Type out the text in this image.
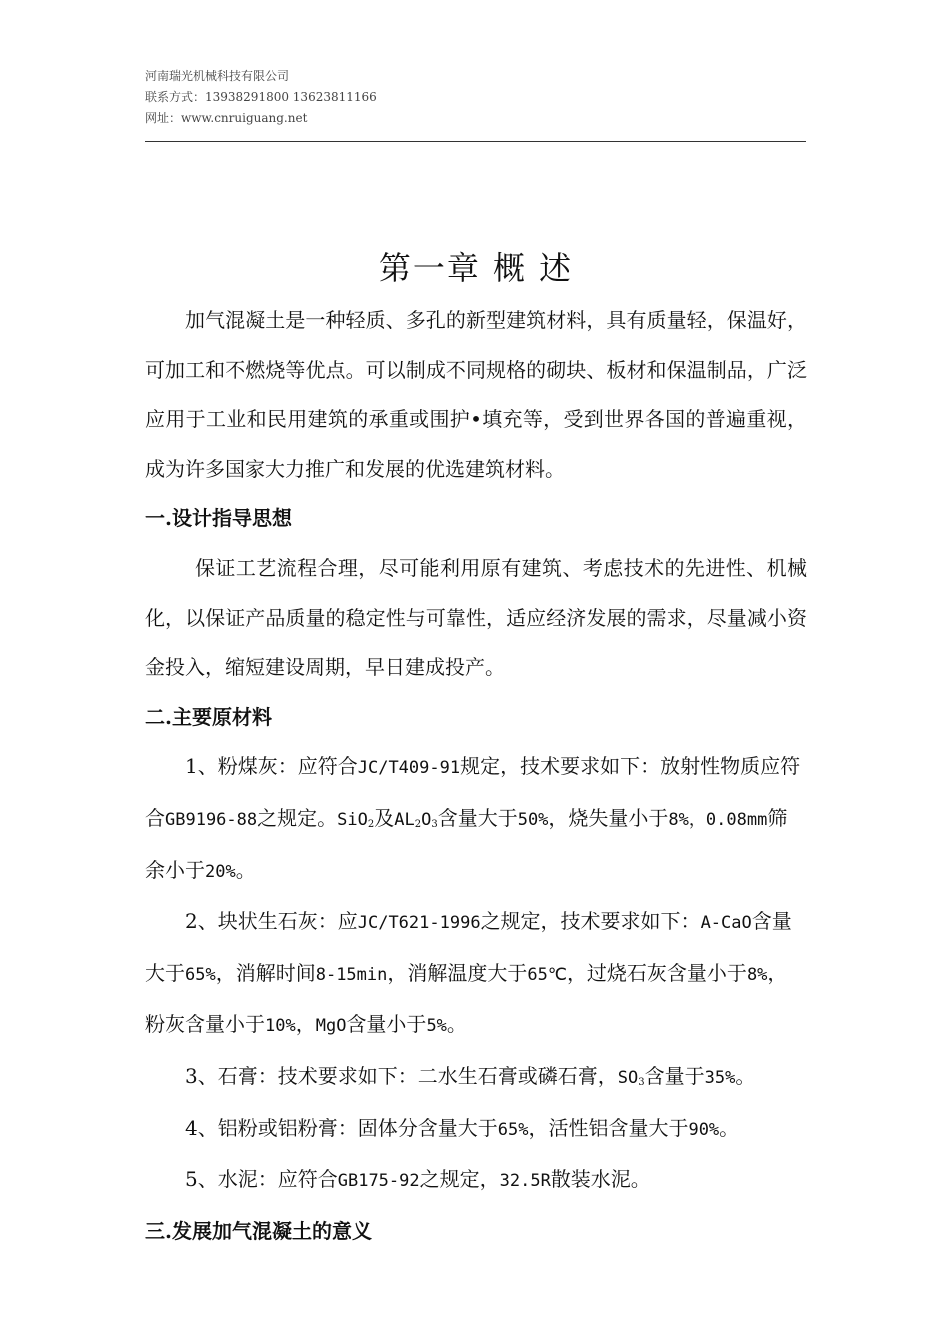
河南瑞光机械科技有限公司
联系方式：13938291800 13623811166
网址：www.cnruiguang.net
第一章 概 述

加气混凝土是一种轻质、多孔的新型建筑材料，具有质量轻，保温好，可加工和不燃烧等优点。可以制成不同规格的砌块、板材和保温制品，广泛应用于工业和民用建筑的承重或围护•填充等，受到世界各国的普遍重视，成为许多国家大力推广和发展的优选建筑材料。

一.设计指导思想

保证工艺流程合理，尽可能利用原有建筑、考虑技术的先进性、机械化，以保证产品质量的稳定性与可靠性，适应经济发展的需求，尽量减小资金投入，缩短建设周期，早日建成投产。

二.主要原材料

1、粉煤灰：应符合JC/T409-91规定，技术要求如下：放射性物质应符合GB9196-88之规定。SiO$_2$及$AL_2O_3$含量大于50%，烧失量小于8%，0.08mm筛余小于20%。

2、块状生石灰：应JC/T621-1996之规定，技术要求如下：A-CaO含量大于65%，消解时间8-15min，消解温度大于65℃，过烧石灰含量小于8%，粉灰含量小于10%，MgO含量小于5%。

3、石膏：技术要求如下：二水生石膏或磷石膏，$SO_3$含量于35%。

4、铝粉或铝粉膏：固体分含量大于65%，活性铝含量大于90%。

5、水泥：应符合GB175-92之规定，32.5R散装水泥。

三.发展加气混凝土的意义
